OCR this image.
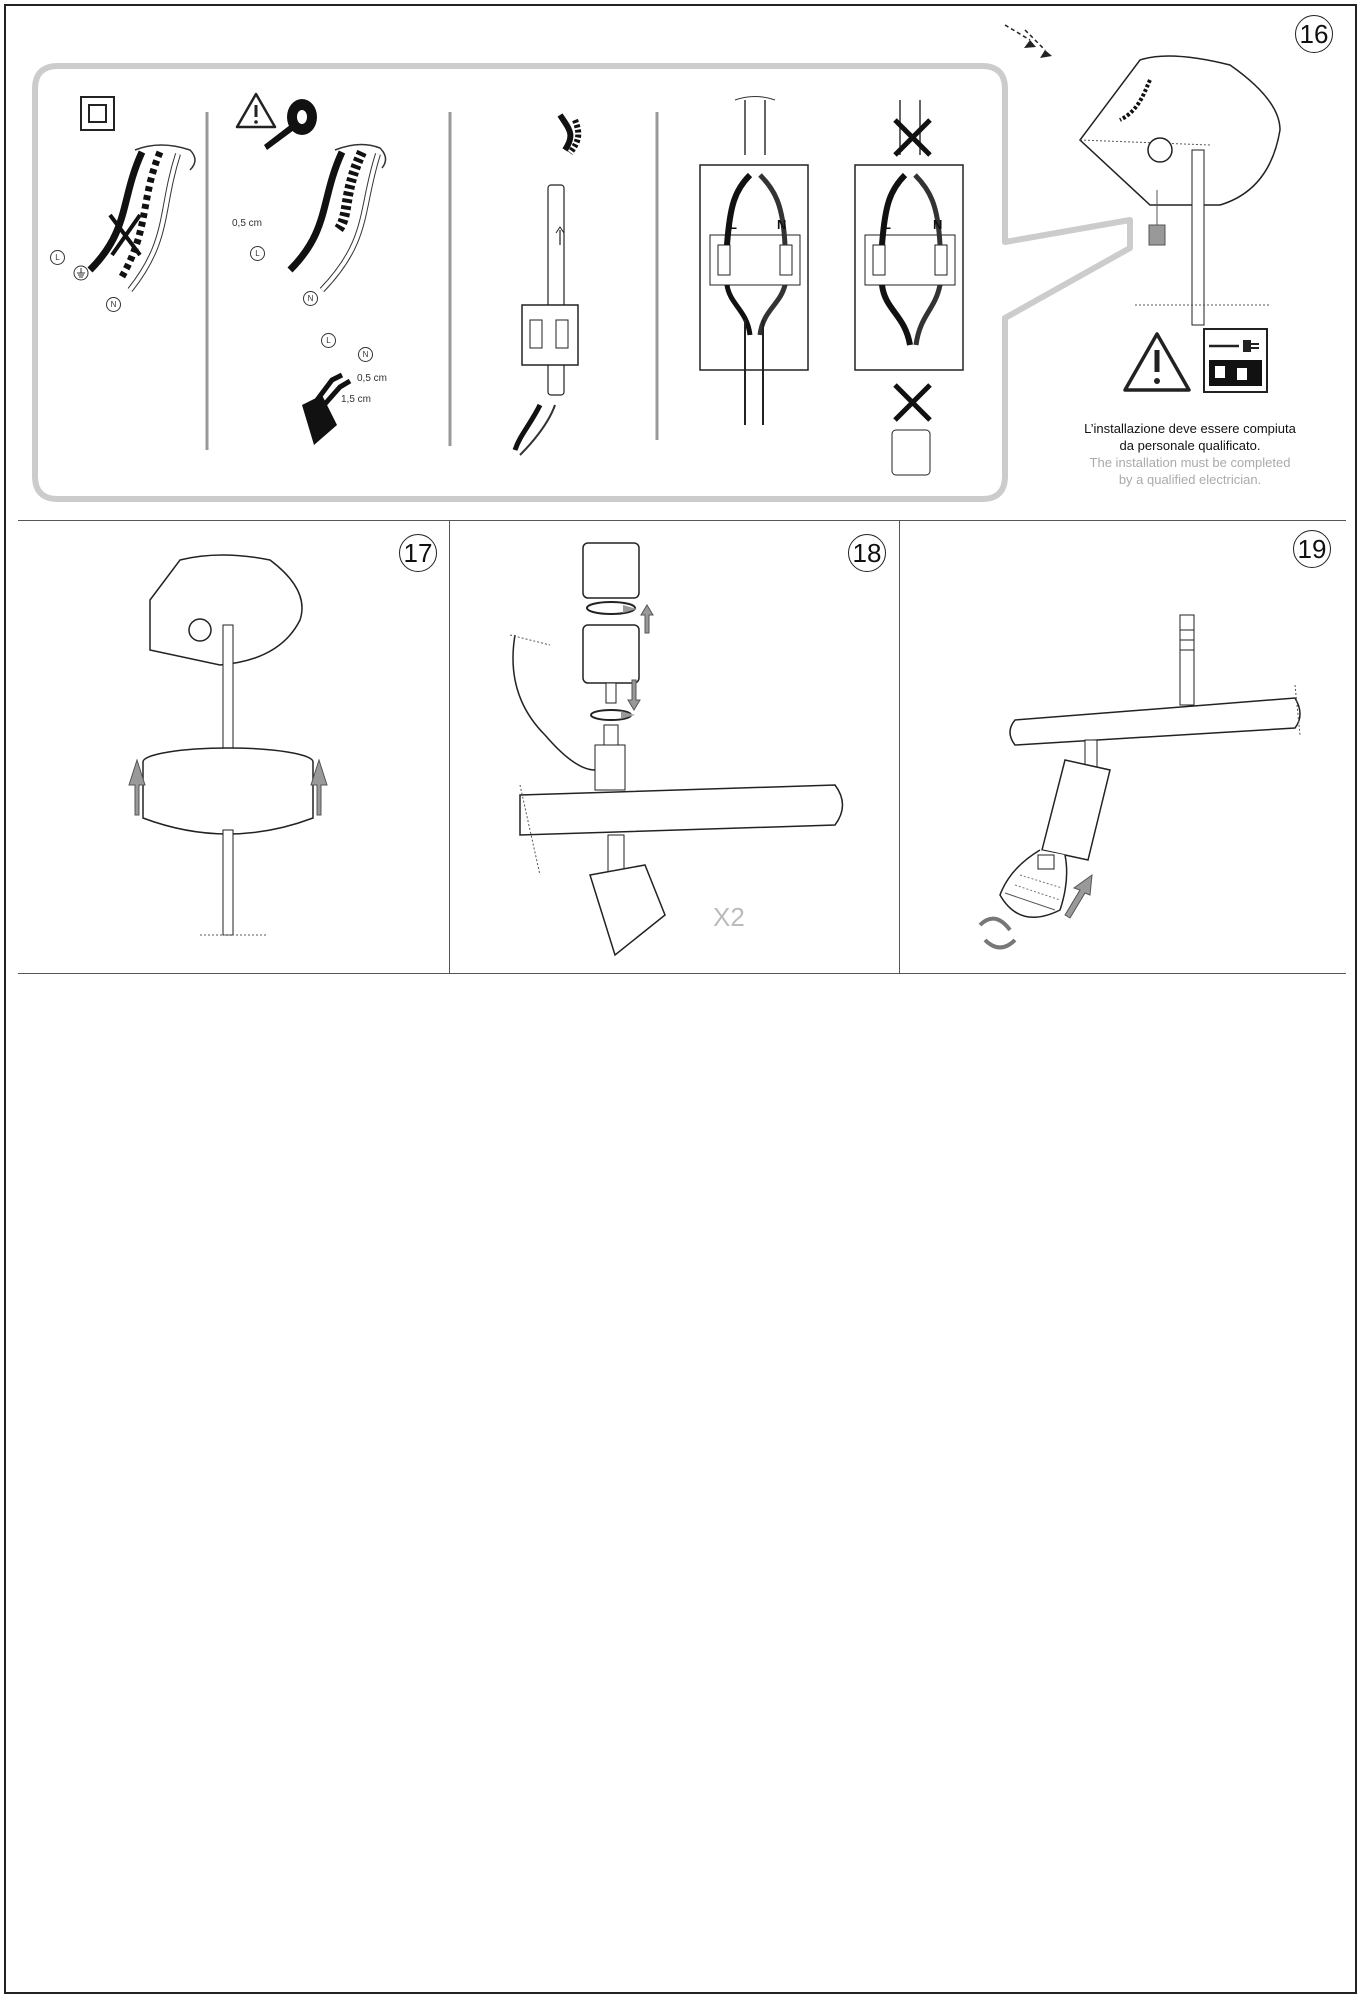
16
L
N
0,5 cm
L
N
L
N
0,5 cm
1,5 cm
L	N	L	N
L’installazione deve essere compiuta
da personale qualificato.
The installation must be completed
by a qualified electrician.
17	18
X2
19
